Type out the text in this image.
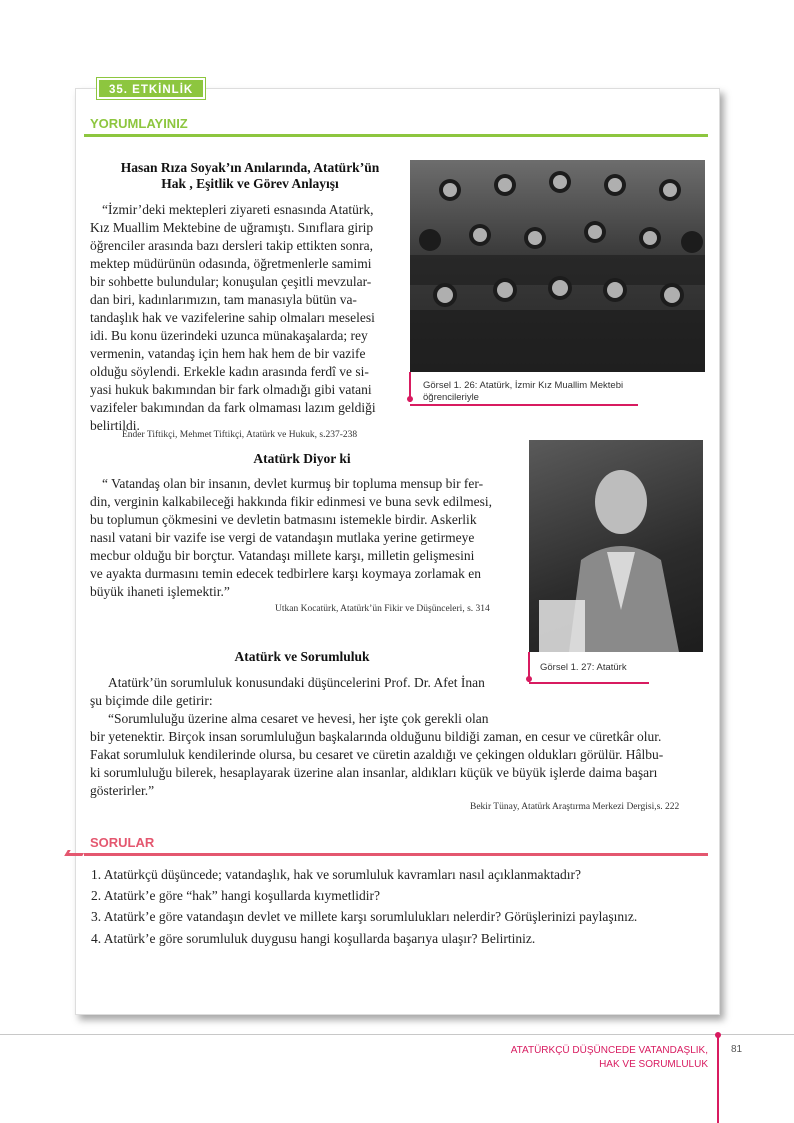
35. ETKİNLİK
YORUMLAYINIZ
Hasan Rıza Soyak’ın Anılarında, Atatürk’ün
Hak , Eşitlik ve Görev Anlayışı
“İzmir’deki mektepleri ziyareti esnasında Atatürk,
Kız Muallim Mektebine de uğramıştı. Sınıflara girip
öğrenciler arasında bazı dersleri takip ettikten sonra,
mektep müdürünün odasında, öğretmenlerle samimi
bir sohbette bulundular; konuşulan çeşitli mevzular-
dan biri, kadınlarımızın, tam manasıyla bütün va-
tandaşlık hak ve vazifelerine sahip olmaları meselesi
idi. Bu konu üzerindeki uzunca münakaşalarda; rey
vermenin, vatandaş için hem hak hem de bir vazife
olduğu söylendi. Erkekle kadın arasında ferdî ve si-
yasi hukuk bakımından bir fark olmadığı gibi vatani
vazifeler bakımından da fark olmaması lazım geldiği
belirtildi.
Ender Tiftikçi, Mehmet Tiftikçi, Atatürk ve Hukuk, s.237-238
Görsel 1. 26: Atatürk, İzmir Kız Muallim Mektebi
öğrencileriyle
Atatürk Diyor ki
“ Vatandaş olan bir insanın, devlet kurmuş bir topluma mensup bir fer-
din, verginin kalkabileceği hakkında fikir edinmesi ve buna sevk edilmesi,
bu toplumun çökmesini ve devletin batmasını istemekle birdir. Askerlik
nasıl vatani bir vazife ise vergi de vatandaşın mutlaka yerine getirmeye
mecbur olduğu bir borçtur. Vatandaşı millete karşı, milletin gelişmesini
ve ayakta durmasını temin edecek tedbirlere karşı koymaya zorlamak en
büyük ihaneti işlemektir.”
Utkan Kocatürk, Atatürk’ün Fikir ve Düşünceleri, s. 314
Görsel 1. 27: Atatürk
Atatürk ve Sorumluluk
Atatürk’ün sorumluluk konusundaki düşüncelerini Prof. Dr. Afet İnan
şu biçimde dile getirir:
“Sorumluluğu üzerine alma cesaret ve hevesi, her işte çok gerekli olan
bir yetenektir. Birçok insan sorumluluğun başkalarında olduğunu bildiği zaman, en cesur ve cüretkâr olur.
Fakat sorumluluk kendilerinde olursa, bu cesaret ve cüretin azaldığı ve çekingen oldukları görülür. Hâlbu-
ki sorumluluğu bilerek, hesaplayarak üzerine alan insanlar, aldıkları küçük ve büyük işlerde daima başarı
gösterirler.”
Bekir Tünay, Atatürk Araştırma Merkezi Dergisi,s. 222
SORULAR
1. Atatürkçü düşüncede; vatandaşlık, hak ve sorumluluk kavramları nasıl açıklanmaktadır?
2. Atatürk’e göre “hak” hangi koşullarda kıymetlidir?
3. Atatürk’e göre vatandaşın devlet ve millete karşı sorumlulukları nelerdir? Görüşlerinizi paylaşınız.
4. Atatürk’e göre sorumluluk duygusu hangi koşullarda başarıya ulaşır? Belirtiniz.
ATATÜRKÇÜ DÜŞÜNCEDE VATANDAŞLIK,
HAK VE SORUMLULUK
81
